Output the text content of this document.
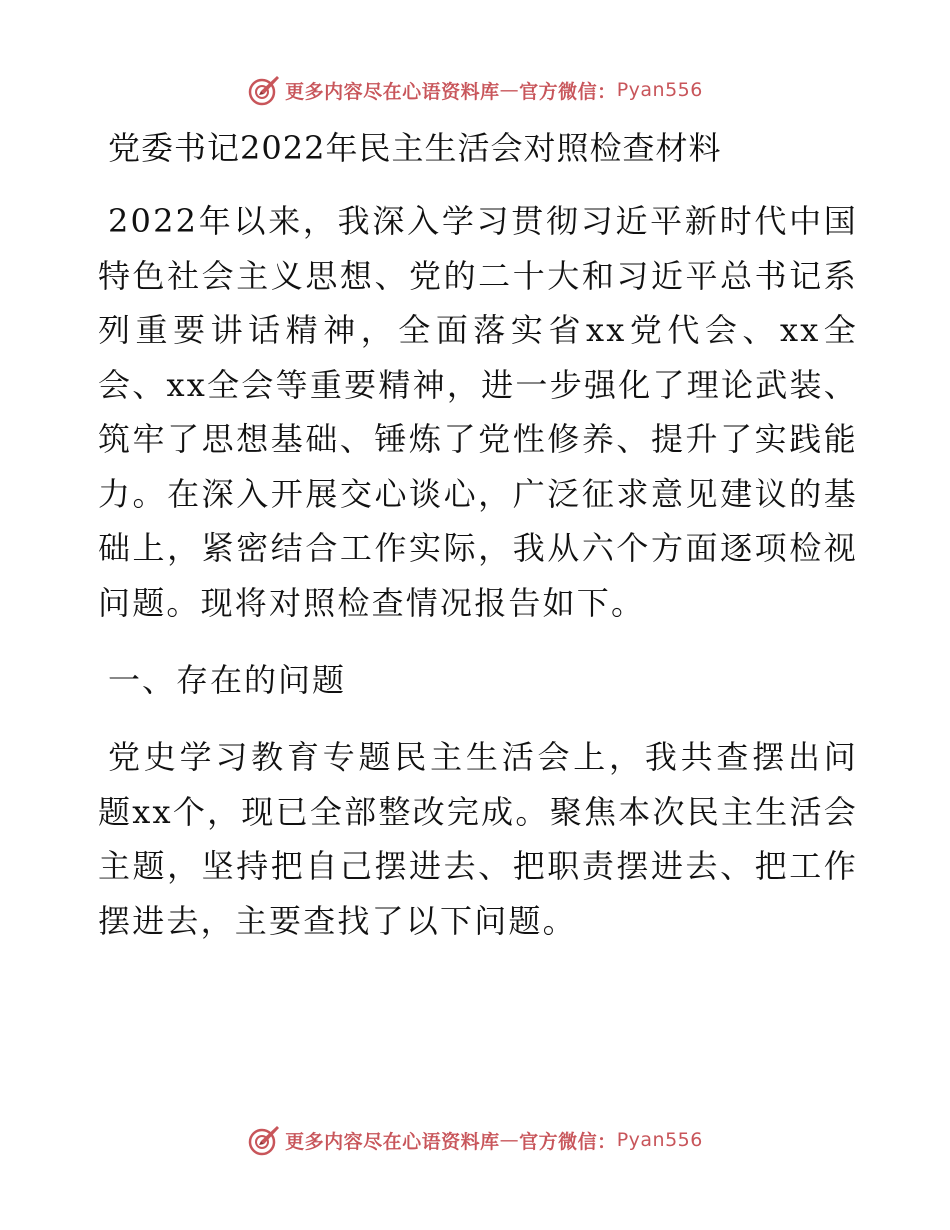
更多内容尽在心语资料库 — 官方微信： Pyan556
党委书记2022年民主生活会对照检查材料

2022年以来，我深入学习贯彻习近平新时代中国特色社会主义思想、党的二十大和习近平总书记系列重要讲话精神，全面落实省xx党代会、xx全会、xx全会等重要精神，进一步强化了理论武装、筑牢了思想基础、锤炼了党性修养、提升了实践能力。在深入开展交心谈心，广泛征求意见建议的基础上，紧密结合工作实际，我从六个方面逐项检视问题。现将对照检查情况报告如下。

一、存在的问题

党史学习教育专题民主生活会上，我共查摆出问题xx个，现已全部整改完成。聚焦本次民主生活会主题，坚持把自己摆进去、把职责摆进去、把工作摆进去，主要查找了以下问题。

更多内容尽在心语资料库 — 官方微信： Pyan556
